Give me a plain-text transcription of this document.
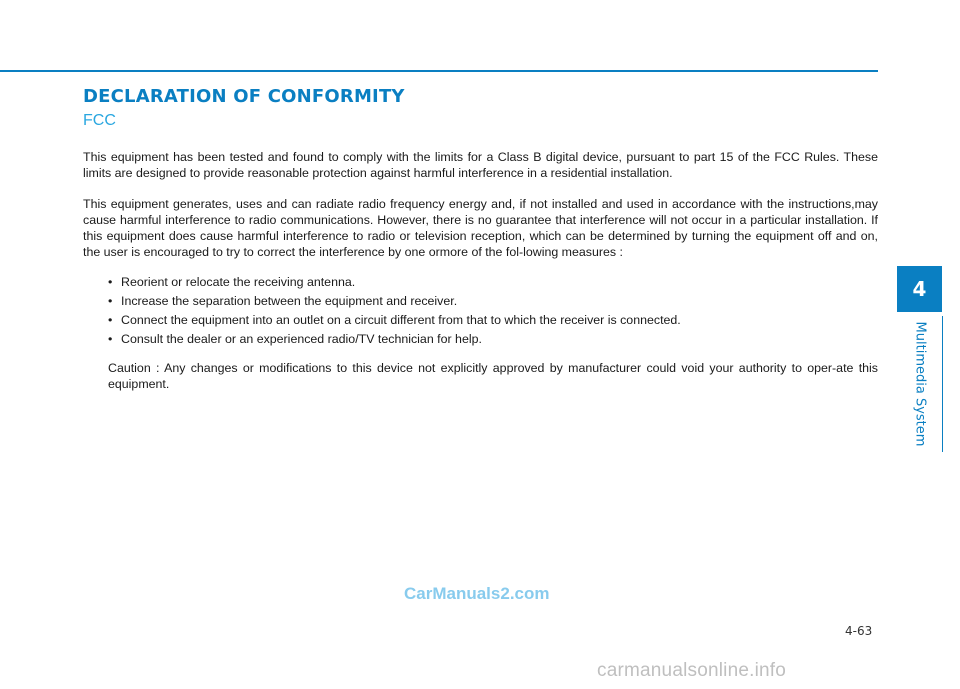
DECLARATION OF CONFORMITY
FCC

This equipment has been tested and found to comply with the limits for a Class B digital device, pursuant to part 15 of the FCC Rules. These limits are designed to provide reasonable protection against harmful interference in a residential installation.

This equipment generates, uses and can radiate radio frequency energy and, if not installed and used in accordance with the instructions,may cause harmful interference to radio communications. However, there is no guarantee that interference will not occur in a particular installation. If this equipment does cause harmful interference to radio or television reception, which can be determined by turning the equipment off and on, the user is encouraged to try to correct the interference by one ormore of the fol-lowing measures :

• Reorient or relocate the receiving antenna.
• Increase the separation between the equipment and receiver.
• Connect the equipment into an outlet on a circuit different from that to which the receiver is connected.
• Consult the dealer or an experienced radio/TV technician for help.

Caution : Any changes or modifications to this device not explicitly approved by manufacturer could void your authority to oper-ate this equipment.

4
Multimedia System
CarManuals2.com
4-63
carmanualsonline.info
